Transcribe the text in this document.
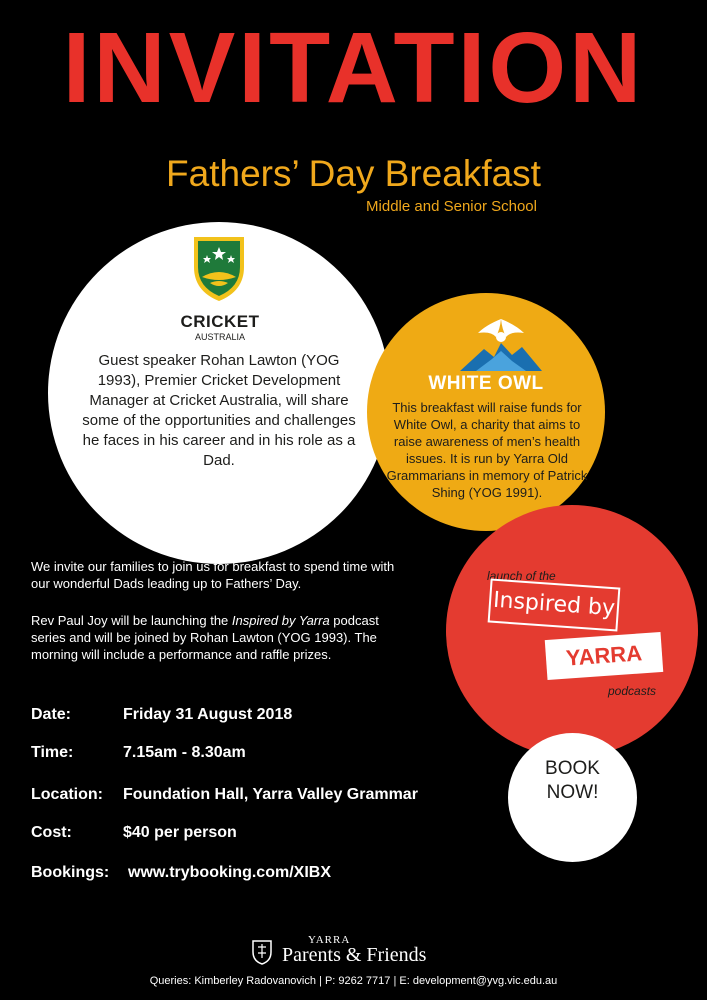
INVITATION
Fathers’ Day Breakfast
Middle and Senior School
CRICKET
AUSTRALIA
Guest speaker Rohan Lawton (YOG 1993), Premier Cricket Development Manager at Cricket Australia, will share some of the opportunities and challenges he faces in his career and in his role as a Dad.
WHITE OWL
This breakfast will raise funds for White Owl, a charity that aims to raise awareness of men’s health issues. It is run by Yarra Old Grammarians in memory of Patrick Shing (YOG 1991).
launch of the
Inspired by
YARRA
podcasts
BOOK
NOW!
We invite our families to join us for breakfast to spend time with our wonderful Dads leading up to Fathers’ Day.
Rev Paul Joy will be launching the Inspired by Yarra podcast series and will be joined by Rohan Lawton (YOG 1993). The morning will include a performance and raffle prizes.
Date:	Friday 31 August 2018
Time:	7.15am - 8.30am
Location: Foundation Hall, Yarra Valley Grammar
Cost:	$40 per person
Bookings: www.trybooking.com/XIBX
YARRA
Parents & Friends
Queries: Kimberley Radovanovich | P: 9262 7717 | E: development@yvg.vic.edu.au
